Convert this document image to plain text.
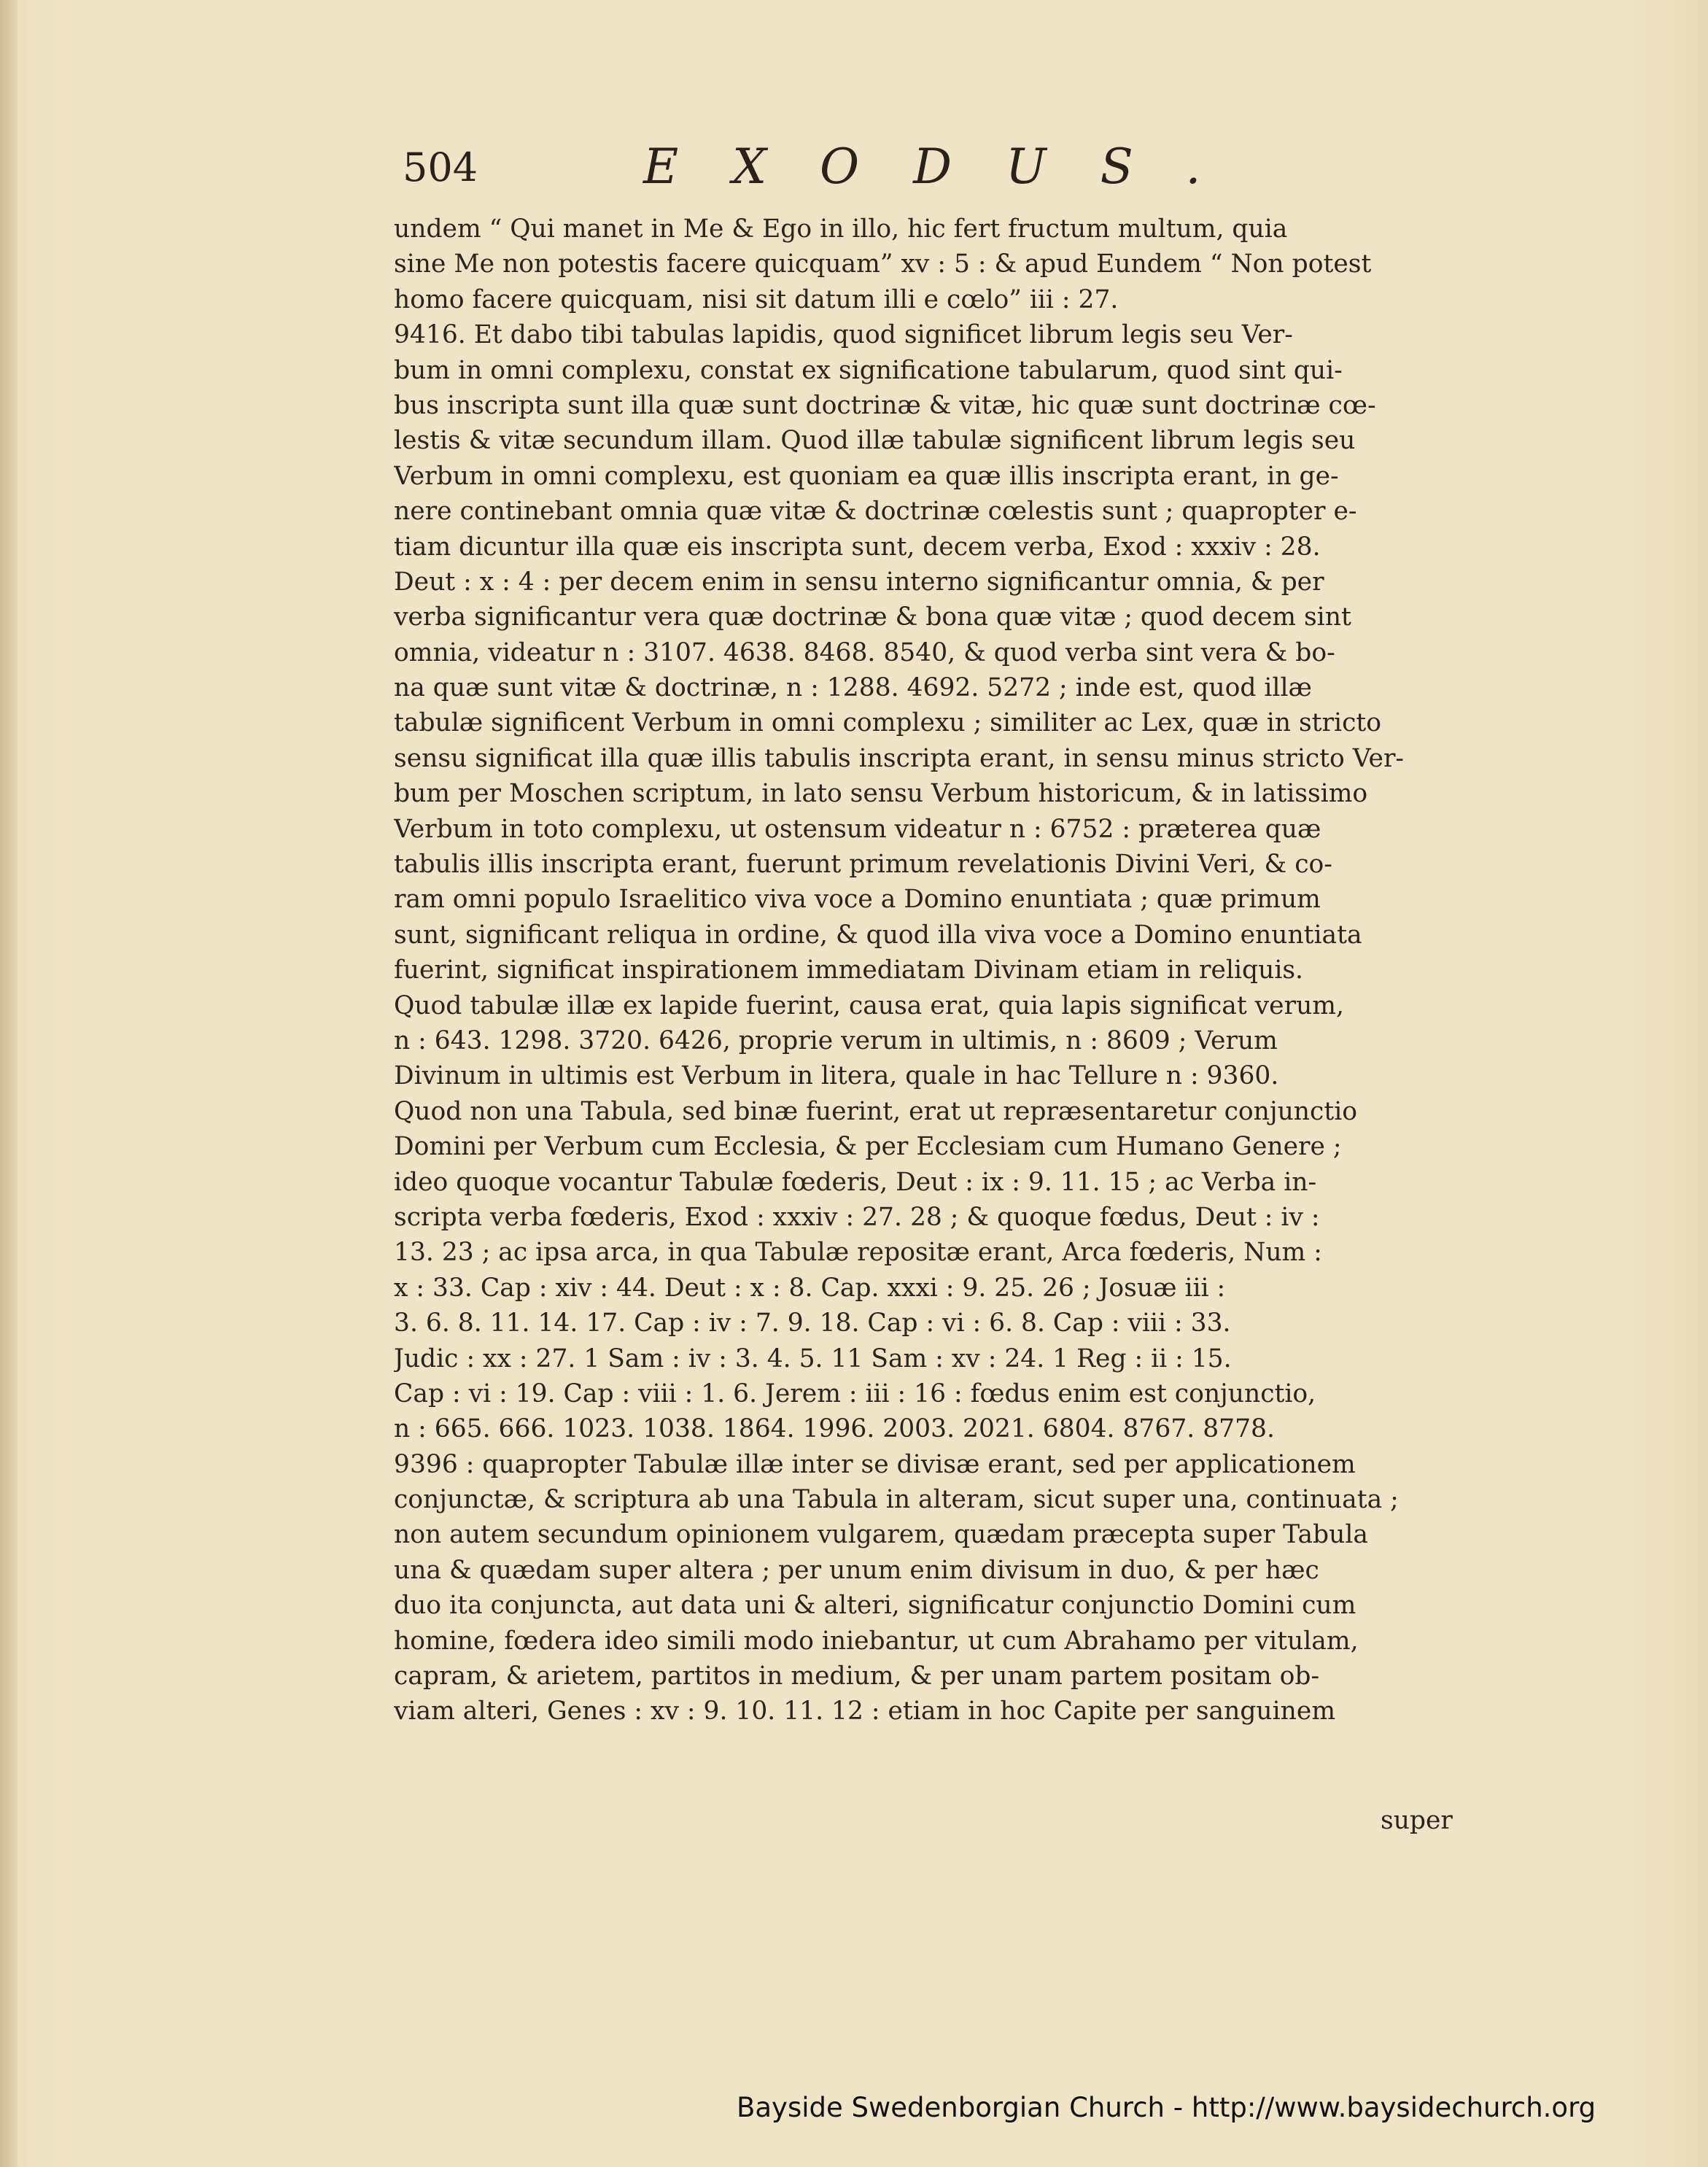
504	EXODUS.
undem “ Qui manet in Me & Ego in illo, hic fert fructum multum, quia
sine Me non potestis facere quicquam” xv : 5 : & apud Eundem “ Non potest
homo facere quicquam, nisi sit datum illi e cœlo” iii : 27.
9416. Et dabo tibi tabulas lapidis, quod significet librum legis seu Ver-
bum in omni complexu, constat ex significatione tabularum, quod sint qui-
bus inscripta sunt illa quæ sunt doctrinæ & vitæ, hic quæ sunt doctrinæ cœ-
lestis & vitæ secundum illam. Quod illæ tabulæ significent librum legis seu
Verbum in omni complexu, est quoniam ea quæ illis inscripta erant, in ge-
nere continebant omnia quæ vitæ & doctrinæ cœlestis sunt ; quapropter e-
tiam dicuntur illa quæ eis inscripta sunt, decem verba, Exod : xxxiv : 28.
Deut : x : 4 : per decem enim in sensu interno significantur omnia, & per
verba significantur vera quæ doctrinæ & bona quæ vitæ ; quod decem sint
omnia, videatur n : 3107. 4638. 8468. 8540, & quod verba sint vera & bo-
na quæ sunt vitæ & doctrinæ, n : 1288. 4692. 5272 ; inde est, quod illæ
tabulæ significent Verbum in omni complexu ; similiter ac Lex, quæ in stricto
sensu significat illa quæ illis tabulis inscripta erant, in sensu minus stricto Ver-
bum per Moschen scriptum, in lato sensu Verbum historicum, & in latissimo
Verbum in toto complexu, ut ostensum videatur n : 6752 : præterea quæ
tabulis illis inscripta erant, fuerunt primum revelationis Divini Veri, & co-
ram omni populo Israelitico viva voce a Domino enuntiata ; quæ primum
sunt, significant reliqua in ordine, & quod illa viva voce a Domino enuntiata
fuerint, significat inspirationem immediatam Divinam etiam in reliquis.
Quod tabulæ illæ ex lapide fuerint, causa erat, quia lapis significat verum,
n : 643. 1298. 3720. 6426, proprie verum in ultimis, n : 8609 ; Verum
Divinum in ultimis est Verbum in litera, quale in hac Tellure n : 9360.
Quod non una Tabula, sed binæ fuerint, erat ut repræsentaretur conjunctio
Domini per Verbum cum Ecclesia, & per Ecclesiam cum Humano Genere ;
ideo quoque vocantur Tabulæ fœderis, Deut : ix : 9. 11. 15 ; ac Verba in-
scripta verba fœderis, Exod : xxxiv : 27. 28 ; & quoque fœdus, Deut : iv :
13. 23 ; ac ipsa arca, in qua Tabulæ repositæ erant, Arca fœderis, Num :
x : 33. Cap : xiv : 44. Deut : x : 8. Cap. xxxi : 9. 25. 26 ; Josuæ iii :
3. 6. 8. 11. 14. 17. Cap : iv : 7. 9. 18. Cap : vi : 6. 8. Cap : viii : 33.
Judic : xx : 27. 1 Sam : iv : 3. 4. 5. 11 Sam : xv : 24. 1 Reg : ii : 15.
Cap : vi : 19. Cap : viii : 1. 6. Jerem : iii : 16 : fœdus enim est conjunctio,
n : 665. 666. 1023. 1038. 1864. 1996. 2003. 2021. 6804. 8767. 8778.
9396 : quapropter Tabulæ illæ inter se divisæ erant, sed per applicationem
conjunctæ, & scriptura ab una Tabula in alteram, sicut super una, continuata ;
non autem secundum opinionem vulgarem, quædam præcepta super Tabula
una & quædam super altera ; per unum enim divisum in duo, & per hæc
duo ita conjuncta, aut data uni & alteri, significatur conjunctio Domini cum
homine, fœdera ideo simili modo iniebantur, ut cum Abrahamo per vitulam,
capram, & arietem, partitos in medium, & per unam partem positam ob-
viam alteri, Genes : xv : 9. 10. 11. 12 : etiam in hoc Capite per sanguinem
super
Bayside Swedenborgian Church - http://www.baysidechurch.org
